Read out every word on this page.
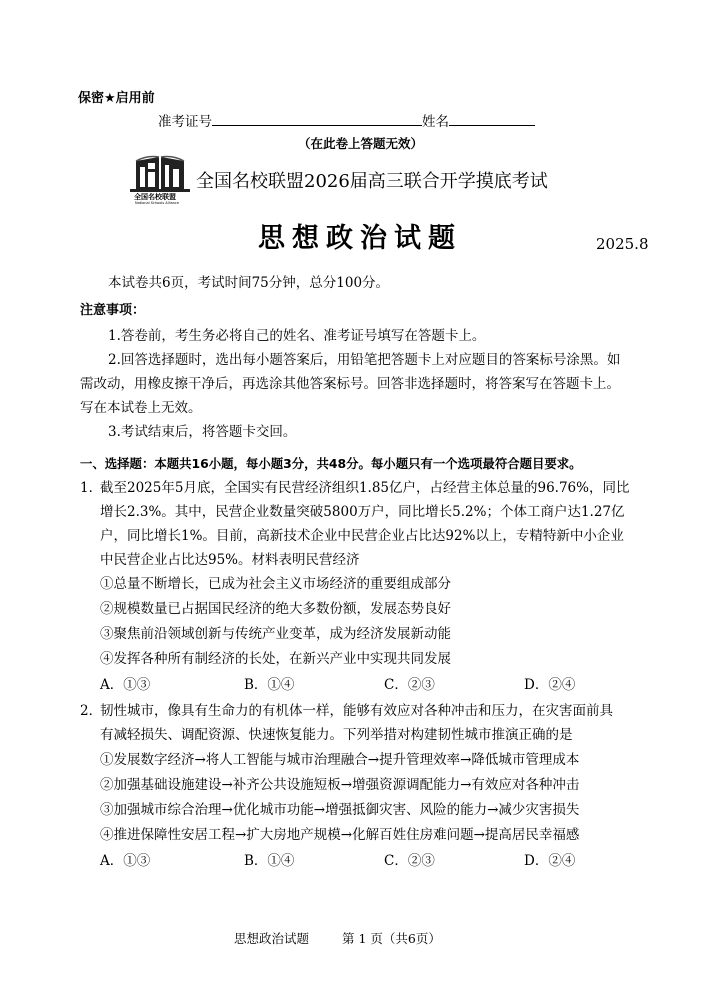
保密★启用前
准考证号	姓名
（在此卷上答题无效）
全国名校联盟
National Schools Alliance
全国名校联盟2026届高三联合开学摸底考试
思想政治试题	2025.8
本试卷共6页，考试时间75分钟，总分100分。
注意事项：
1.答卷前，考生务必将自己的姓名、准考证号填写在答题卡上。
2.回答选择题时，选出每小题答案后，用铅笔把答题卡上对应题目的答案标号涂黑。如
需改动，用橡皮擦干净后，再选涂其他答案标号。回答非选择题时，将答案写在答题卡上。
写在本试卷上无效。
3.考试结束后，将答题卡交回。
一、选择题：本题共16小题，每小题3分，共48分。每小题只有一个选项最符合题目要求。
1．
截至2025年5月底，全国实有民营经济组织1.85亿户，占经营主体总量的96.76%，同比
增长2.3%。其中，民营企业数量突破5800万户，同比增长5.2%；个体工商户达1.27亿
户，同比增长1%。目前，高新技术企业中民营企业占比达92%以上，专精特新中小企业
中民营企业占比达95%。材料表明民营经济
①总量不断增长，已成为社会主义市场经济的重要组成部分
②规模数量已占据国民经济的绝大多数份额，发展态势良好
③聚焦前沿领域创新与传统产业变革，成为经济发展新动能
④发挥各种所有制经济的长处，在新兴产业中实现共同发展
A．①③	B．①④	C．②③	D．②④
2．
韧性城市，像具有生命力的有机体一样，能够有效应对各种冲击和压力，在灾害面前具
有减轻损失、调配资源、快速恢复能力。下列举措对构建韧性城市推演正确的是
①发展数字经济→将人工智能与城市治理融合→提升管理效率→降低城市管理成本
②加强基础设施建设→补齐公共设施短板→增强资源调配能力→有效应对各种冲击
③加强城市综合治理→优化城市功能→增强抵御灾害、风险的能力→减少灾害损失
④推进保障性安居工程→扩大房地产规模→化解百姓住房难问题→提高居民幸福感
A．①③	B．①④	C．②③	D．②④
思想政治试题	第 1 页（共6页）
